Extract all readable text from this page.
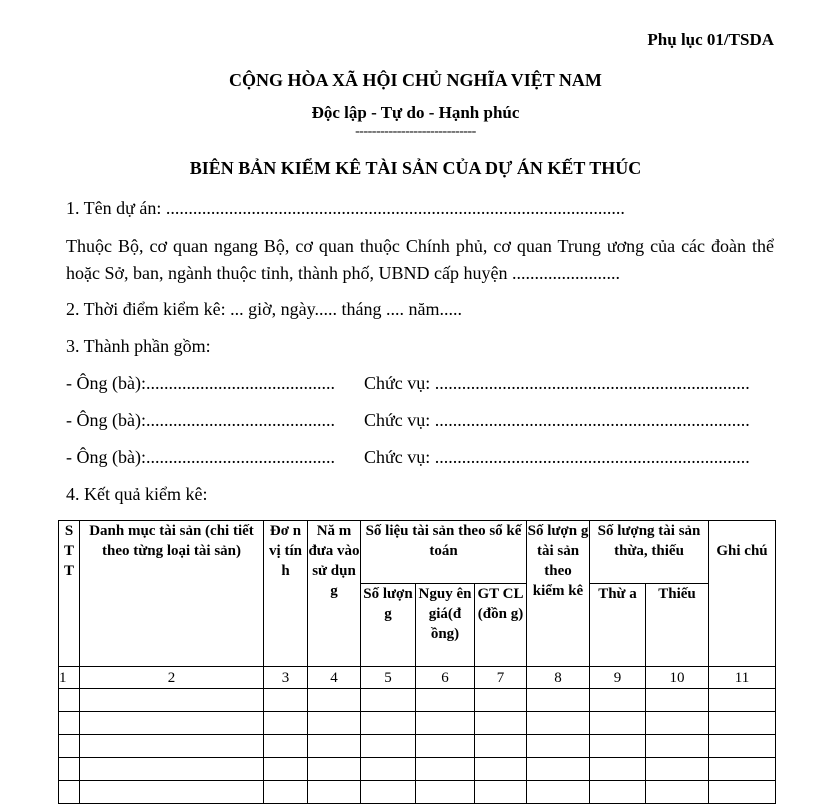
Phụ lục 01/TSDA
CỘNG HÒA XÃ HỘI CHỦ NGHĨA VIỆT NAM
Độc lập - Tự do - Hạnh phúc
-----------------------------
BIÊN BẢN KIỂM KÊ TÀI SẢN CỦA DỰ ÁN KẾT THÚC
1. Tên dự án: ......................................................................................................
Thuộc Bộ, cơ quan ngang Bộ, cơ quan thuộc Chính phủ, cơ quan Trung ương của các đoàn thể hoặc Sở, ban, ngành thuộc tỉnh, thành phố, UBND cấp huyện ........................
2. Thời điểm kiểm kê: ... giờ, ngày..... tháng .... năm.....
3. Thành phần gồm:
- Ông (bà):.......................................... Chức vụ: ......................................................................
- Ông (bà):.......................................... Chức vụ: ......................................................................
- Ông (bà):.......................................... Chức vụ: ......................................................................
4. Kết quả kiểm kê:
S T T	Danh mục tài sản (chi tiết theo từng loại tài sản)	Đơ n vị tín h	Nă m đưa vào sử dụn g	Số liệu tài sản theo sổ kế toán			Số lượn g tài sản theo kiểm kê	Số lượng tài sản thừa, thiếu		Ghi chú
				Số lượn g	Nguy ên giá(đ ồng)	GT CL (đồn g)		Thừ a	Thiếu	
1	2	3	4	5	6	7	8	9	10	11
